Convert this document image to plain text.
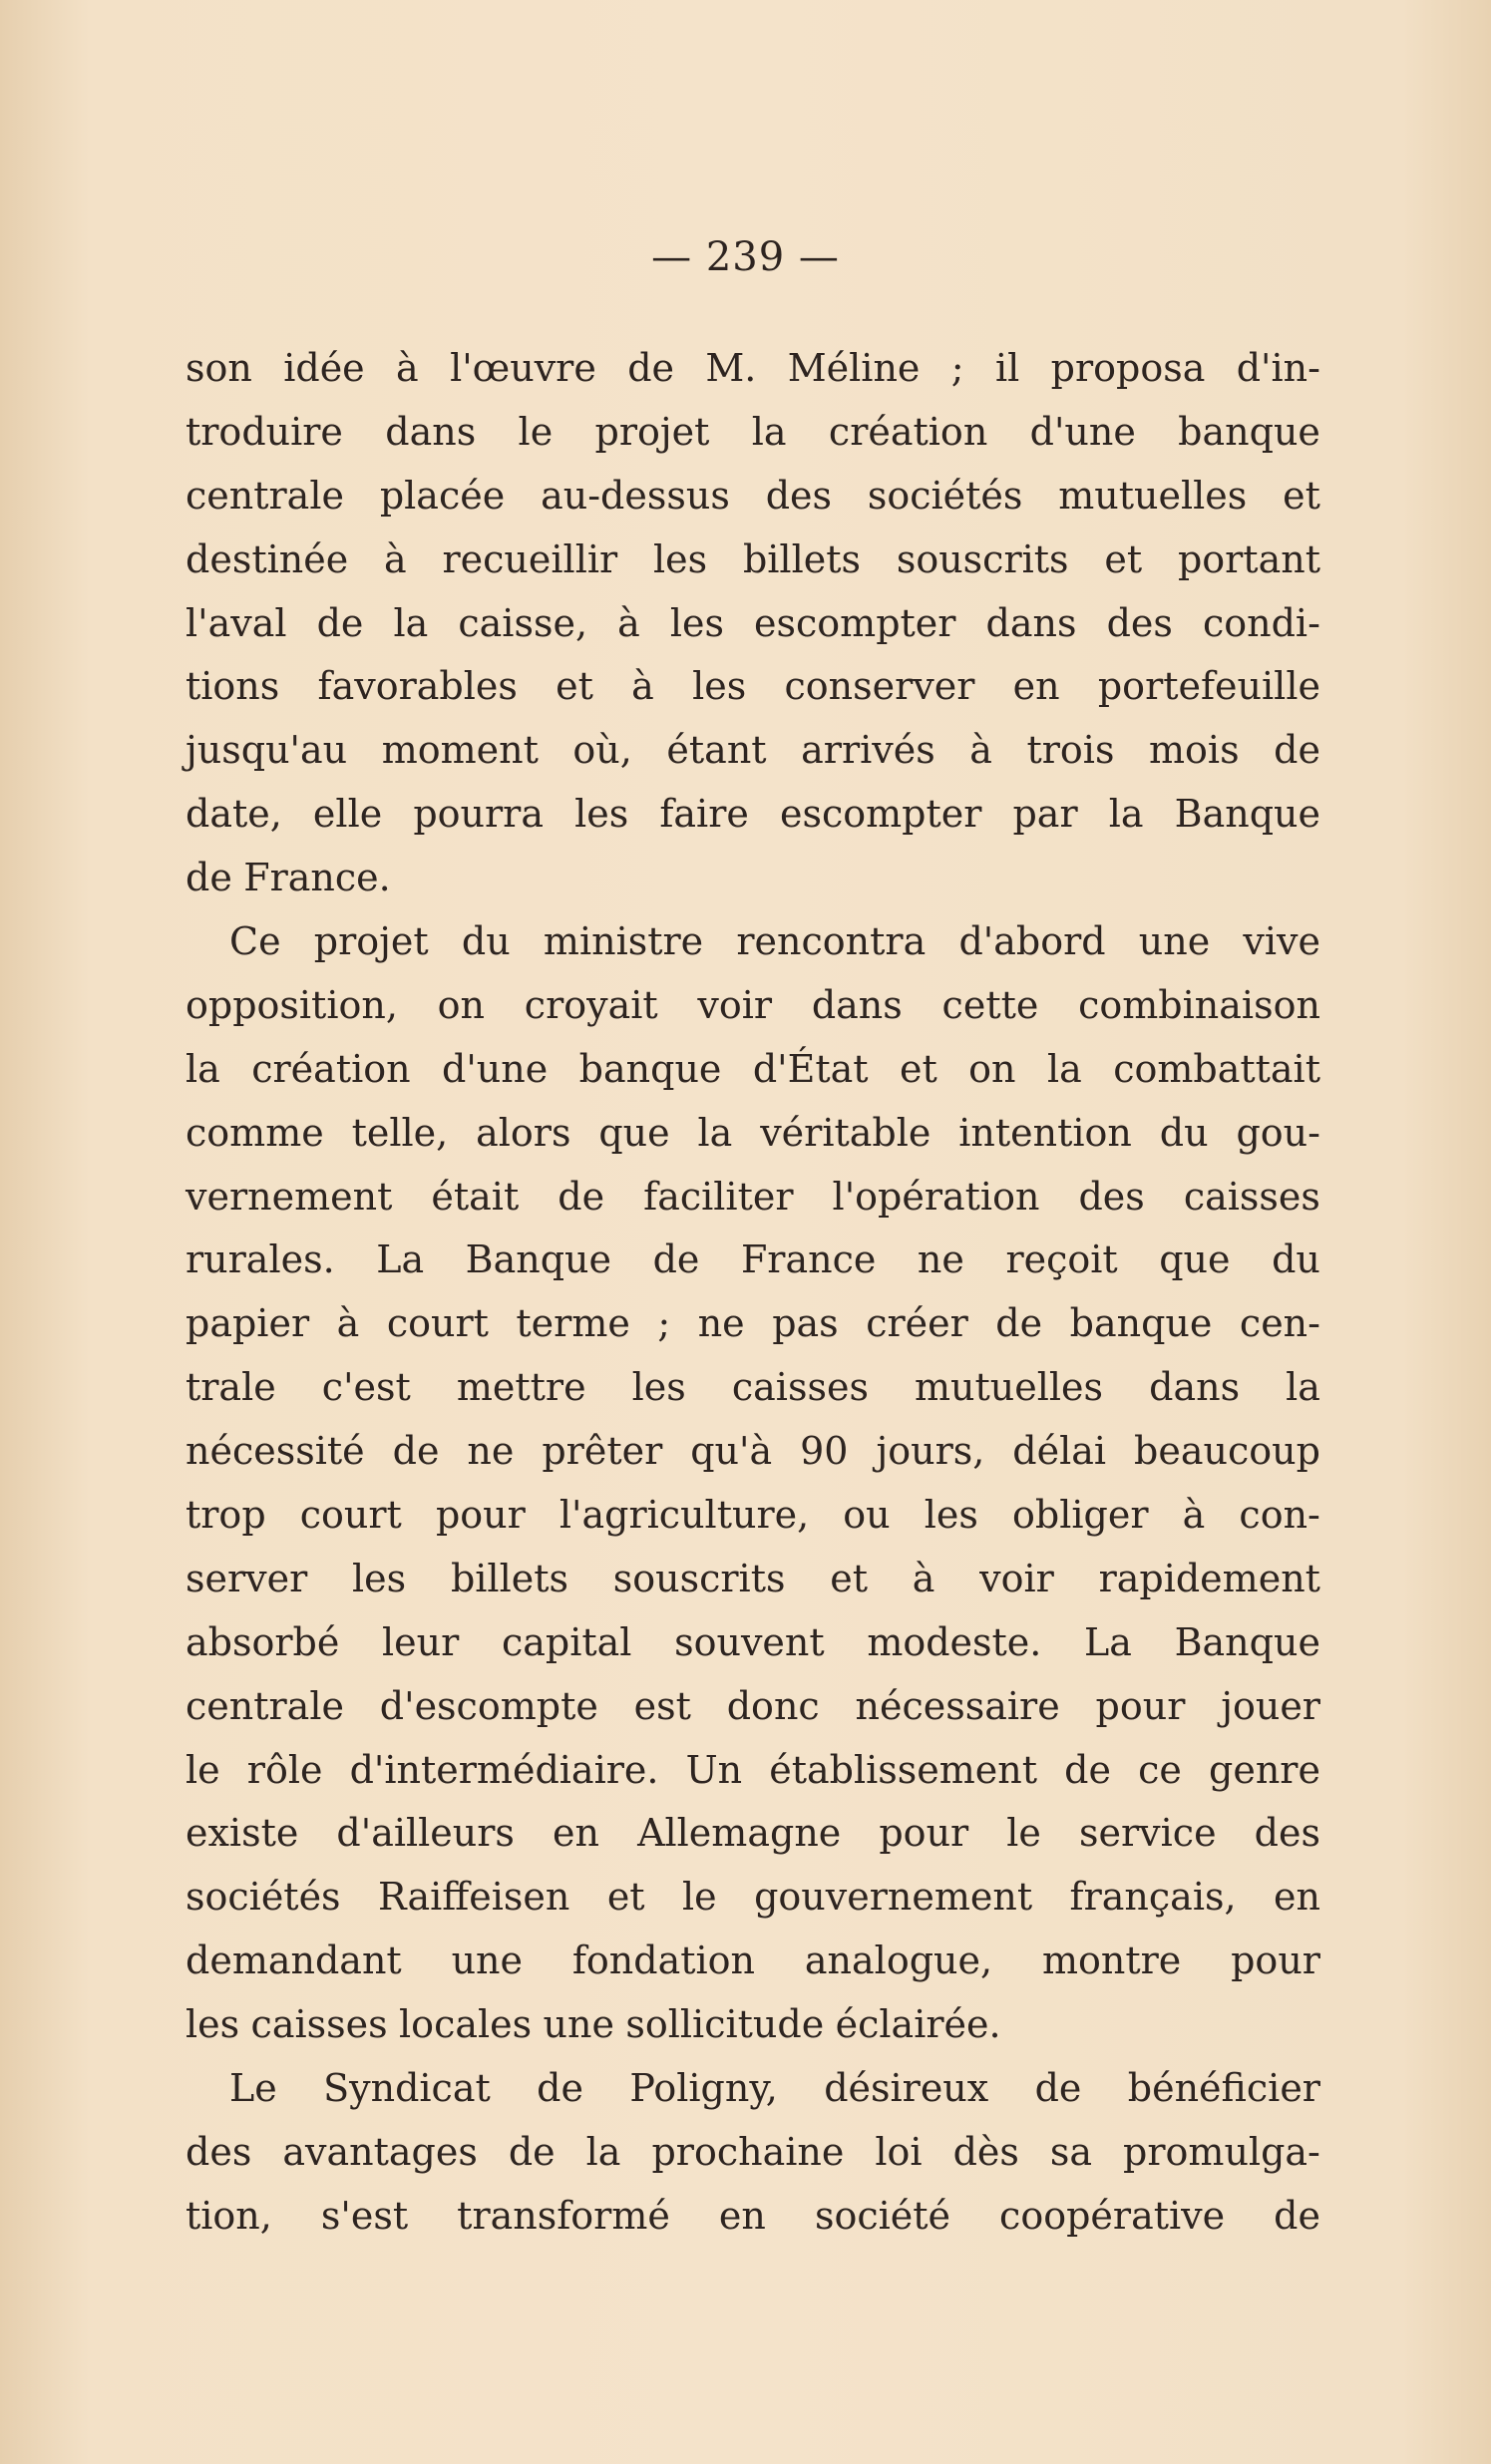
— 239 —
son idée à l'œuvre de M. Méline ; il proposa d'in-
troduire dans le projet la création d'une banque
centrale placée au-dessus des sociétés mutuelles et
destinée à recueillir les billets souscrits et portant
l'aval de la caisse, à les escompter dans des condi-
tions favorables et à les conserver en portefeuille
jusqu'au moment où, étant arrivés à trois mois de
date, elle pourra les faire escompter par la Banque
de France.
Ce projet du ministre rencontra d'abord une vive
opposition, on croyait voir dans cette combinaison
la création d'une banque d'État et on la combattait
comme telle, alors que la véritable intention du gou-
vernement était de faciliter l'opération des caisses
rurales. La Banque de France ne reçoit que du
papier à court terme ; ne pas créer de banque cen-
trale c'est mettre les caisses mutuelles dans la
nécessité de ne prêter qu'à 90 jours, délai beaucoup
trop court pour l'agriculture, ou les obliger à con-
server les billets souscrits et à voir rapidement
absorbé leur capital souvent modeste. La Banque
centrale d'escompte est donc nécessaire pour jouer
le rôle d'intermédiaire. Un établissement de ce genre
existe d'ailleurs en Allemagne pour le service des
sociétés Raiffeisen et le gouvernement français, en
demandant une fondation analogue, montre pour
les caisses locales une sollicitude éclairée.
Le Syndicat de Poligny, désireux de bénéficier
des avantages de la prochaine loi dès sa promulga-
tion, s'est transformé en société coopérative de
